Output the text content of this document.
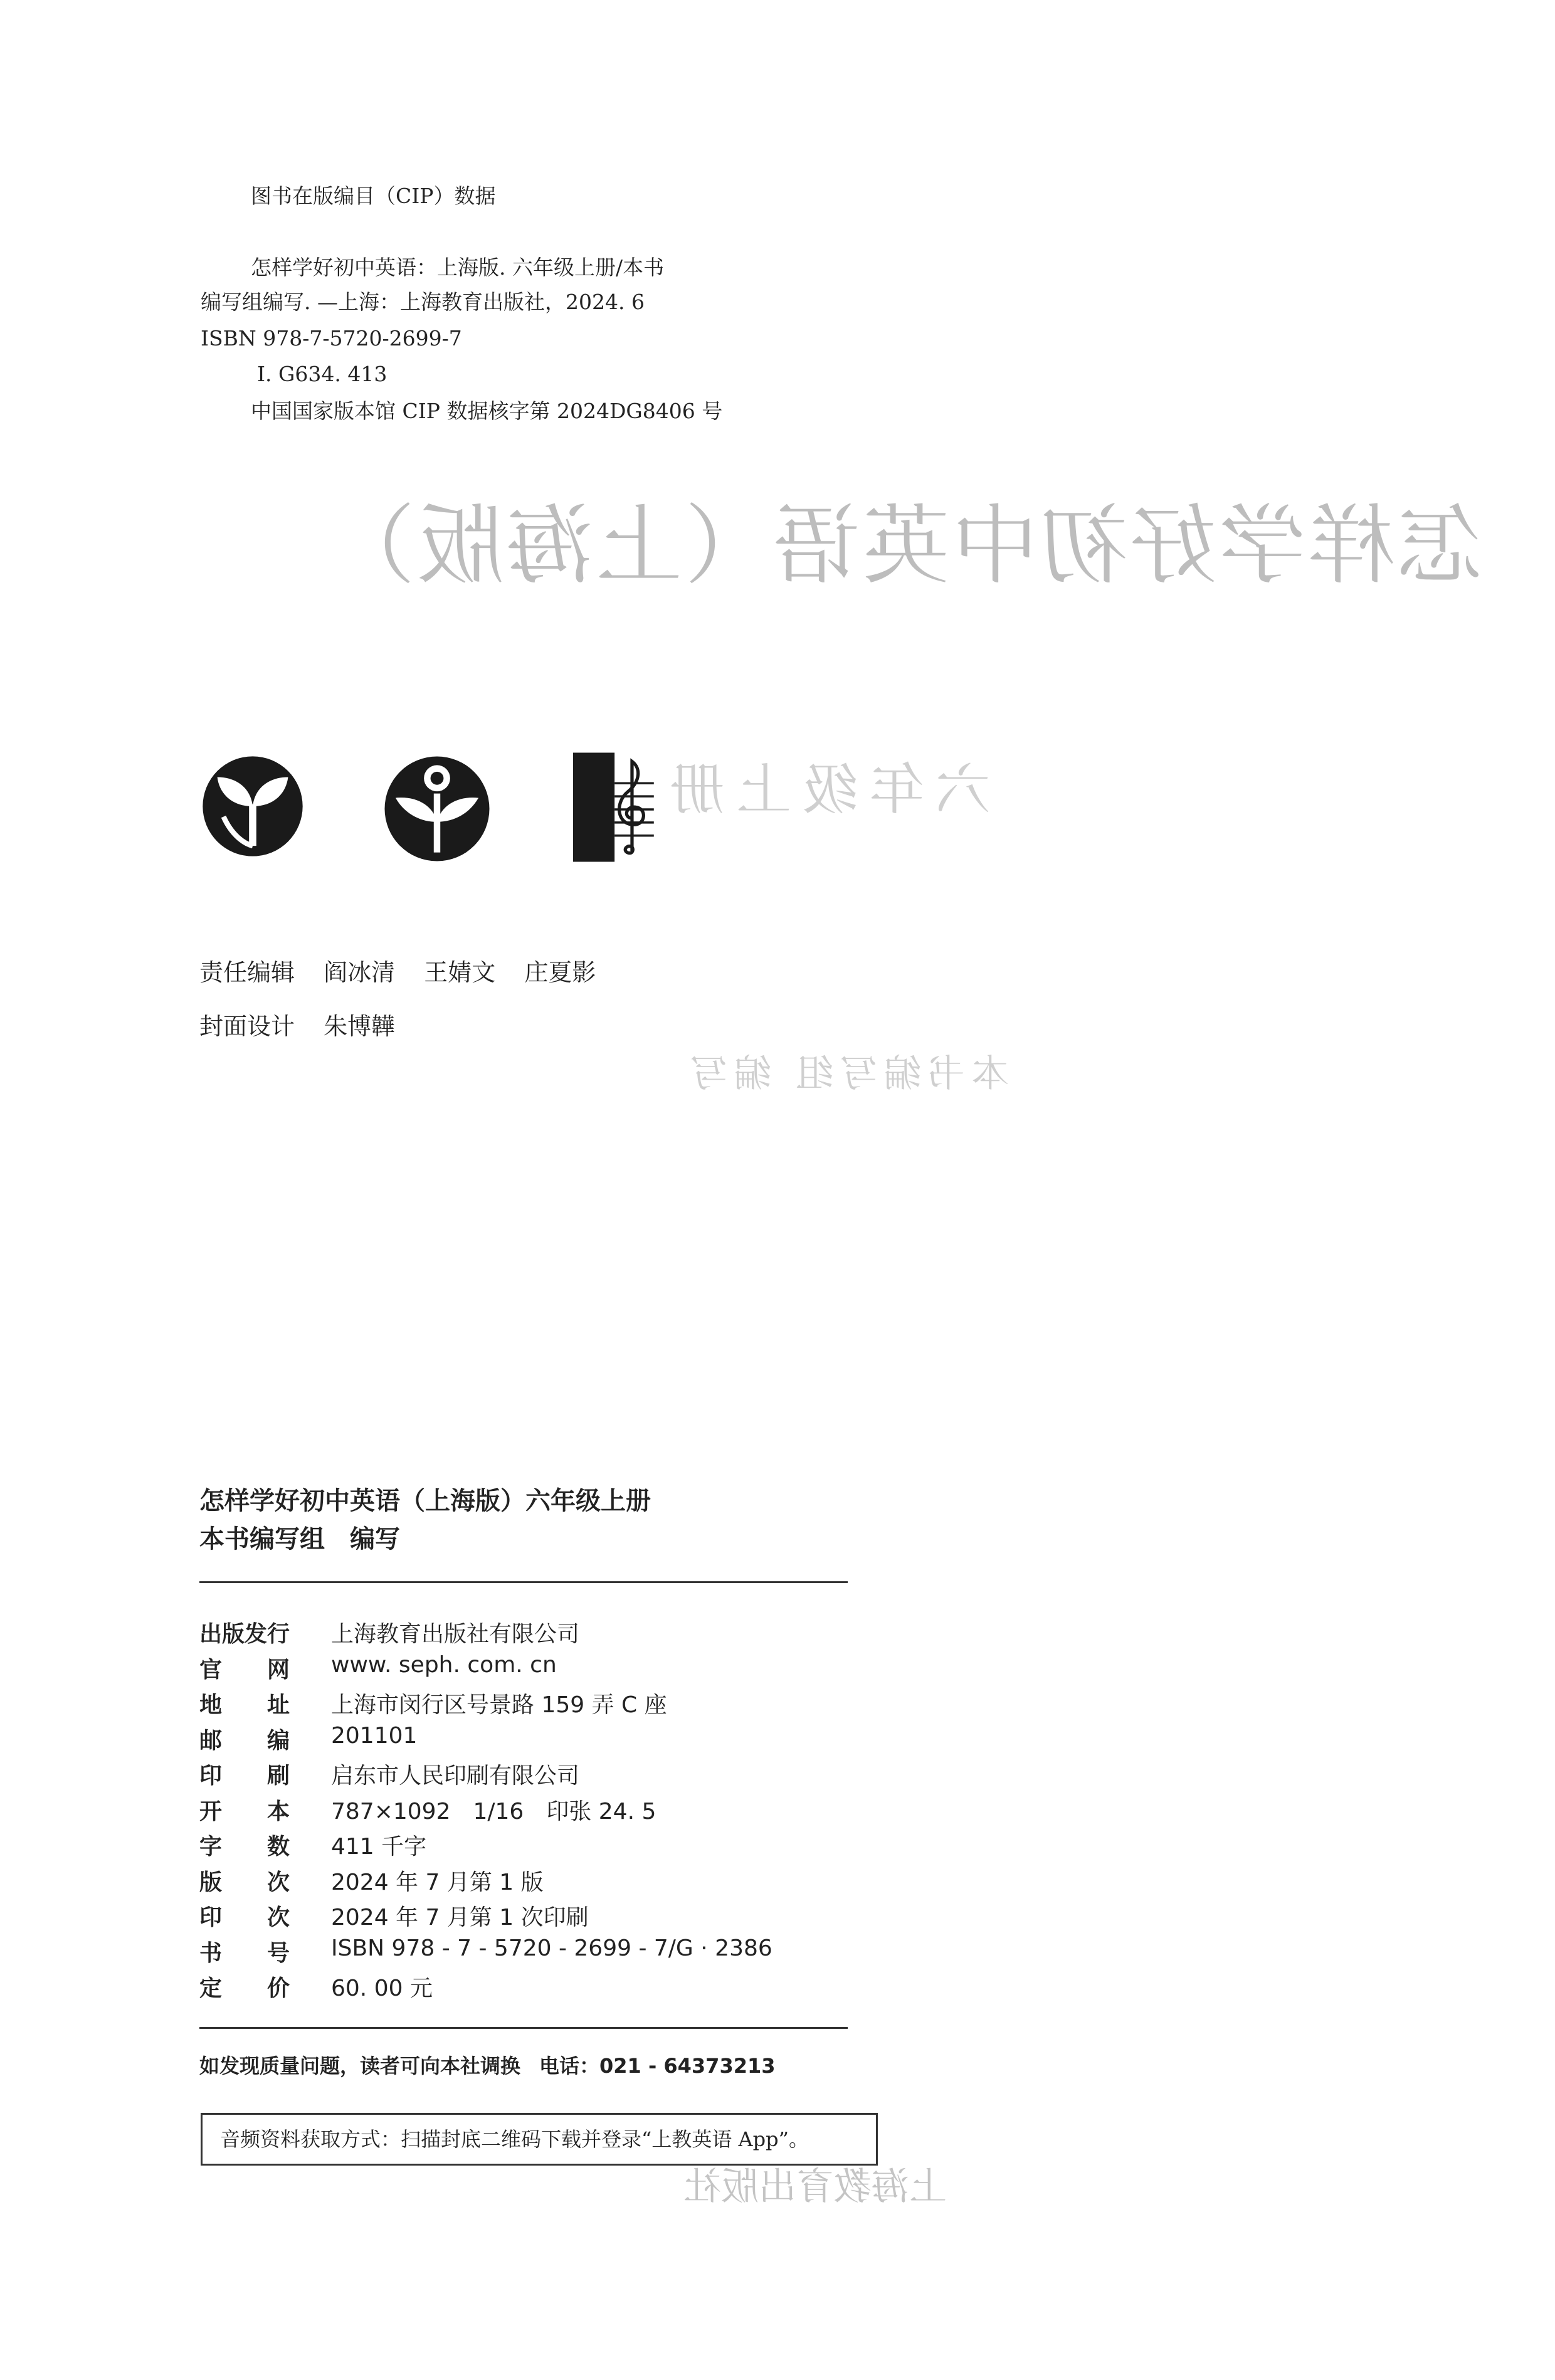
怎样学好初中英语（上海版）
六年级上册
本书编写组 编写
上海教育出版社
图书在版编目（CIP）数据
怎样学好初中英语：上海版. 六年级上册/本书
编写组编写. —上海：上海教育出版社，2024. 6
ISBN 978-7-5720-2699-7
Ⅰ. G634. 413
中国国家版本馆 CIP 数据核字第 2024DG8406 号
责任编辑 阎冰清 王婧文 庄夏影
封面设计 朱博韡
怎样学好初中英语（上海版）六年级上册
本书编写组　编写
出版发行	上海教育出版社有限公司
官　　网	www. seph. com. cn
地　　址	上海市闵行区号景路 159 弄 C 座
邮　　编	201101
印　　刷	启东市人民印刷有限公司
开　　本	787×1092　1/16　印张 24. 5
字　　数	411 千字
版　　次	2024 年 7 月第 1 版
印　　次	2024 年 7 月第 1 次印刷
书　　号	ISBN 978 - 7 - 5720 - 2699 - 7/G · 2386
定　　价	60. 00 元
如发现质量问题，读者可向本社调换 电话：021 - 64373213
音频资料获取方式：扫描封底二维码下载并登录“上教英语 App”。
